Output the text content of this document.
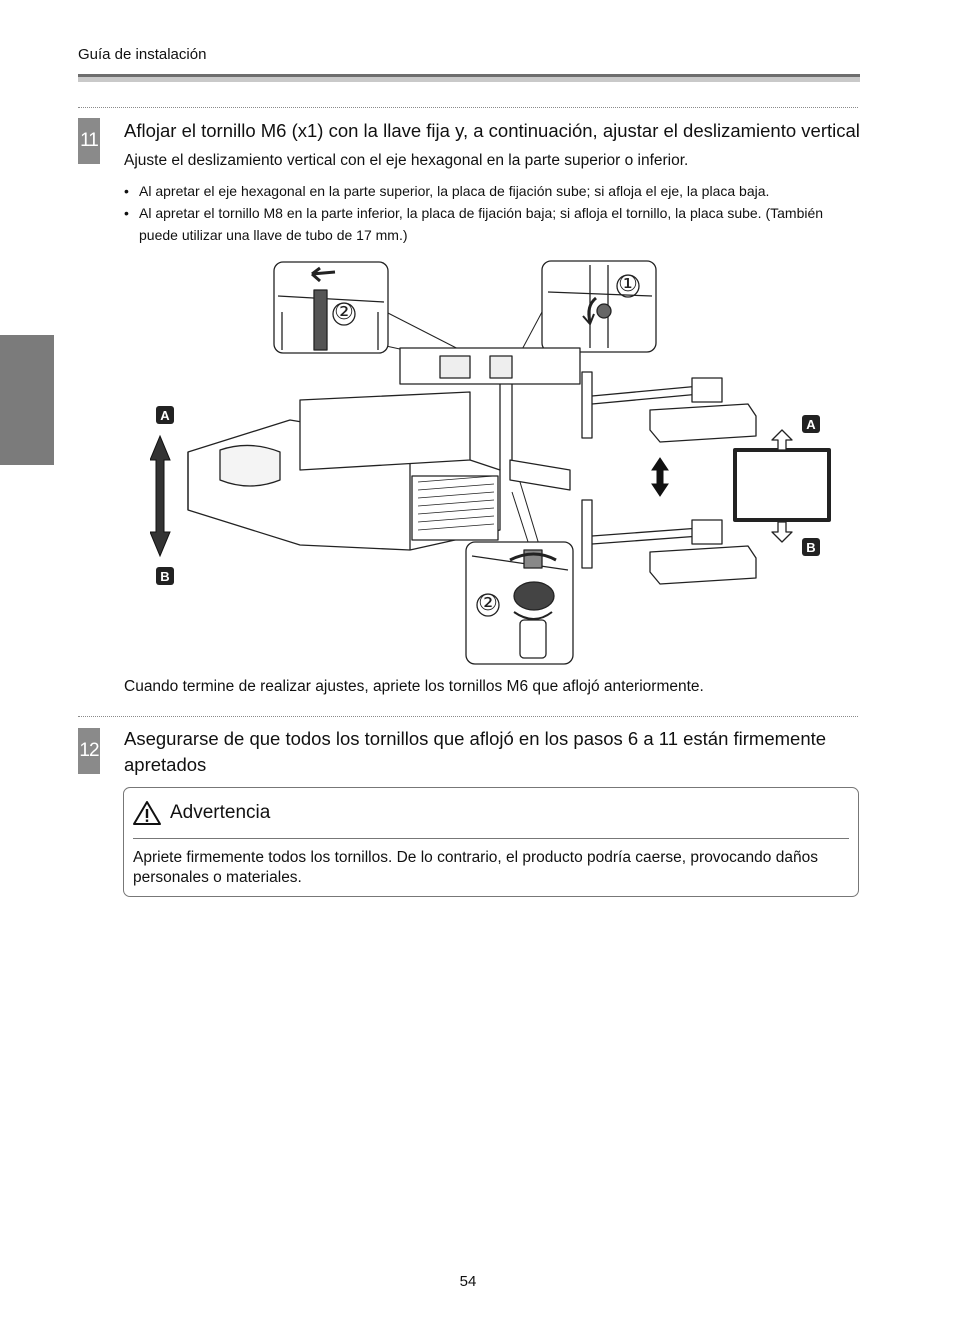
Guía de instalación
11 Aflojar el tornillo M6 (x1) con la llave fija y, a continuación, ajustar el deslizamiento vertical
Ajuste el deslizamiento vertical con el eje hexagonal en la parte superior o inferior.
• Al apretar el eje hexagonal en la parte superior, la placa de fijación sube; si afloja el eje, la placa baja.
• Al apretar el tornillo M8 en la parte inferior, la placa de fijación baja; si afloja el tornillo, la placa sube. (También
puede utilizar una llave de tubo de 17 mm.)
A
B
A
B
①
②
②
Cuando termine de realizar ajustes, apriete los tornillos M6 que aflojó anteriormente.
12
Asegurarse de que todos los tornillos que aflojó en los pasos 6 a 11 están firmemente
apretados
Advertencia
Apriete firmemente todos los tornillos. De lo contrario, el producto podría caerse, provocando daños personales o materiales.
54
